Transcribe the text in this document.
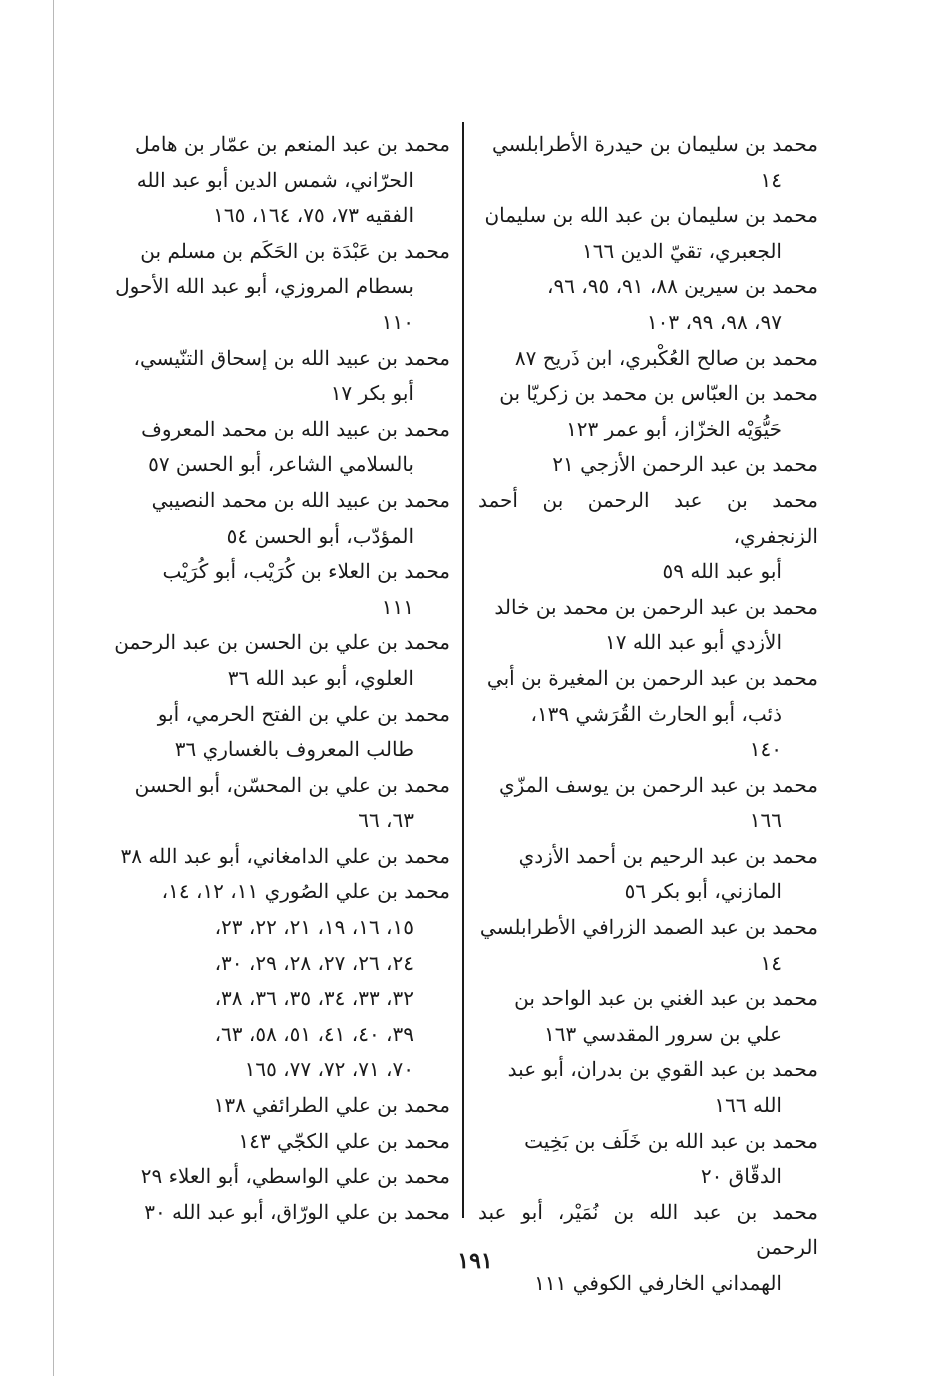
محمد بن سليمان بن حيدرة الأطرابلسي
١٤
محمد بن سليمان بن عبد الله بن سليمان
الجعبري، تقيّ الدين ١٦٦
محمد بن سيرين ٨٨، ٩١، ٩٥، ٩٦،
٩٧، ٩٨، ٩٩، ١٠٣
محمد بن صالح العُكْبري، ابن ذَريح ٨٧
محمد بن العبّاس بن محمد بن زكريّا بن
حَيُّوَيْه الخزّاز، أبو عمر ١٢٣
محمد بن عبد الرحمن الأزجي ٢١
محمد بن عبد الرحمن بن أحمد الزنجفري،
أبو عبد الله ٥٩
محمد بن عبد الرحمن بن محمد بن خالد
الأزدي أبو عبد الله ١٧
محمد بن عبد الرحمن بن المغيرة بن أبي
ذئب، أبو الحارث القُرَشي ١٣٩،
١٤٠
محمد بن عبد الرحمن بن يوسف المزّي
١٦٦
محمد بن عبد الرحيم بن أحمد الأزدي
المازني، أبو بكر ٥٦
محمد بن عبد الصمد الزرافي الأطرابلسي
١٤
محمد بن عبد الغني بن عبد الواحد بن
علي بن سرور المقدسي ١٦٣
محمد بن عبد القوي بن بدران، أبو عبد
الله ١٦٦
محمد بن عبد الله بن خَلَف بن بَخِيت
الدقّاق ٢٠
محمد بن عبد الله بن نُمَيْر، أبو عبد الرحمن
الهمداني الخارفي الكوفي ١١١
محمد بن عبد المنعم بن عمّار بن هامل
الحرّاني، شمس الدين أبو عبد الله
الفقيه ٧٣، ٧٥، ١٦٤، ١٦٥
محمد بن عَبْدَة بن الحَكَم بن مسلم بن
بسطام المروزي، أبو عبد الله الأحول
١١٠
محمد بن عبيد الله بن إسحاق التنّيسي،
أبو بكر ١٧
محمد بن عبيد الله بن محمد المعروف
بالسلامي الشاعر، أبو الحسن ٥٧
محمد بن عبيد الله بن محمد النصيبي
المؤدّب، أبو الحسن ٥٤
محمد بن العلاء بن كُرَيْب، أبو كُرَيْب
١١١
محمد بن علي بن الحسن بن عبد الرحمن
العلوي، أبو عبد الله ٣٦
محمد بن علي بن الفتح الحرمي، أبو
طالب المعروف بالغساري ٣٦
محمد بن علي بن المحسّن، أبو الحسن
٦٣، ٦٦
محمد بن علي الدامغاني، أبو عبد الله ٣٨
محمد بن علي الصُوري ١١، ١٢، ١٤،
١٥، ١٦، ١٩، ٢١، ٢٢، ٢٣،
٢٤، ٢٦، ٢٧، ٢٨، ٢٩، ٣٠،
٣٢، ٣٣، ٣٤، ٣٥، ٣٦، ٣٨،
٣٩، ٤٠، ٤١، ٥١، ٥٨، ٦٣،
٧٠، ٧١، ٧٢، ٧٧، ١٦٥
محمد بن علي الطرائفي ١٣٨
محمد بن علي الكجّي ١٤٣
محمد بن علي الواسطي، أبو العلاء ٢٩
محمد بن علي الورّاق، أبو عبد الله ٣٠
١٩١
